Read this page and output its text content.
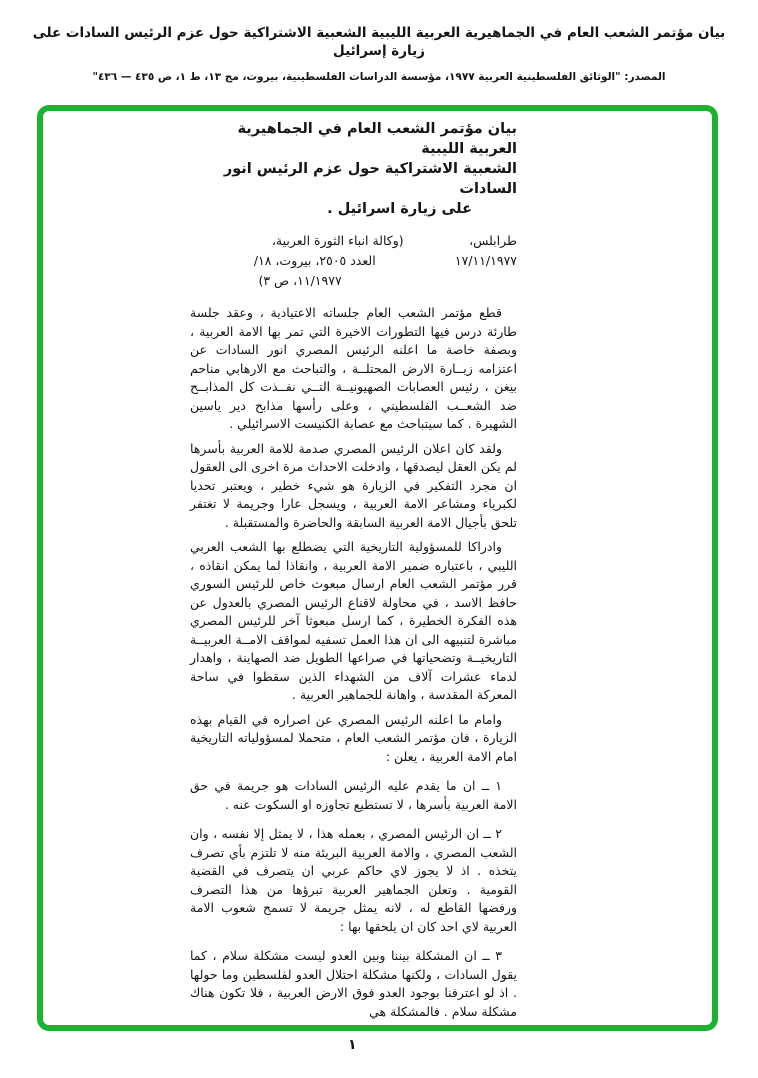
بيان مؤتمر الشعب العام في الجماهيرية العربية الليبية الشعبية الاشتراكية حول عزم الرئيس السادات على زيارة إسرائيل
المصدر: "الوثائق الفلسطينية العربية ١٩٧٧، مؤسسة الدراسات الفلسطينية، بيروت، مج ١٣، ط ١، ص ٤٣٥ — ٤٣٦"
بيان مؤتمر الشعب العام في الجماهيرية العربية الليبية
الشعبية الاشتراكية حول عزم الرئيس انور السادات
على زيارة اسرائيل .
طرابلس، ١٧/١١/١٩٧٧
(وكالة انباء الثورة العربية،
العدد ٢٥٠٥، بيروت، ١٨/
١١/١٩٧٧، ص ٣)

قطع مؤتمر الشعب العام جلساته الاعتيادية ، وعقد جلسة طارئة درس فيها التطورات الاخيرة التي تمر بها الامة العربية ، وبصفة خاصة ما اعلنه الرئيس المصري انور السادات عن اعتزامه زيــارة الارض المحتلــة ، والتباحث مع الارهابي مناحم بيغن ، رئيس العصابات الصهيونيــة التــي نفــذت كل المذابــح ضد الشعــب الفلسطيني ، وعلى رأسها مذابح دير ياسين الشهيرة . كما سيتباحث مع عصابة الكنيست الاسرائيلي .

ولقد كان اعلان الرئيس المصري صدمة للامة العربية بأسرها لم يكن العقل ليصدقها ، وادخلت الاحداث مرة اخرى الى العقول ان مجرد التفكير في الزيارة هو شيء خطير ، ويعتبر تحديا لكبرياء ومشاعر الامة العربية ، ويسجل عارا وجريمة لا تغتفر تلحق بأجيال الامة العربية السابقة والحاضرة والمستقبلة .

وادراكا للمسؤولية التاريخية التي يضطلع بها الشعب العربي الليبي ، باعتباره ضمير الامة العربية ، وانقاذا لما يمكن انقاذه ، قرر مؤتمر الشعب العام ارسال مبعوث خاص للرئيس السوري حافظ الاسد ، في محاولة لاقناع الرئيس المصري بالعدول عن هذه الفكرة الخطيرة ، كما ارسل مبعوثا آخر للرئيس المصري مباشرة لتنبيهه الى ان هذا العمل تسفيه لمواقف الامــة العربيــة التاريخيــة وتضحياتها في صراعها الطويل ضد الصهاينة ، واهدار لدماء عشرات آلاف من الشهداء الذين سقطوا في ساحة المعركة المقدسة ، واهانة للجماهير العربية .

وامام ما اعلنه الرئيس المصري عن اصراره في القيام بهذه الزيارة ، فان مؤتمر الشعب العام ، متحملا لمسؤولياته التاريخية امام الامة العربية ، يعلن :

١ ــ ان ما يقدم عليه الرئيس السادات هو جريمة في حق الامة العربية بأسرها ، لا تستطيع تجاوزه او السكوت عنه .

٢ ــ ان الرئيس المصري ، بعمله هذا ، لا يمثل إلا نفسه ، وان الشعب المصري ، والامة العربية البريئة منه لا تلتزم بأي تصرف يتخذه . اذ لا يجوز لاي حاكم عربي ان يتصرف في القضية القومية . وتعلن الجماهير العربية تبرؤها من هذا التصرف ورفضها القاطع له ، لانه يمثل جريمة لا تسمح شعوب الامة العربية لاي احد كان ان يلحقها بها :

٣ ــ ان المشكلة بيننا وبين العدو ليست مشكلة سلام ، كما يقول السادات ، ولكنها مشكلة احتلال العدو لفلسطين وما حولها . اذ لو اعترفنا بوجود العدو فوق الارض العربية ، فلا تكون هناك مشكلة سلام . فالمشكلة هي

١
